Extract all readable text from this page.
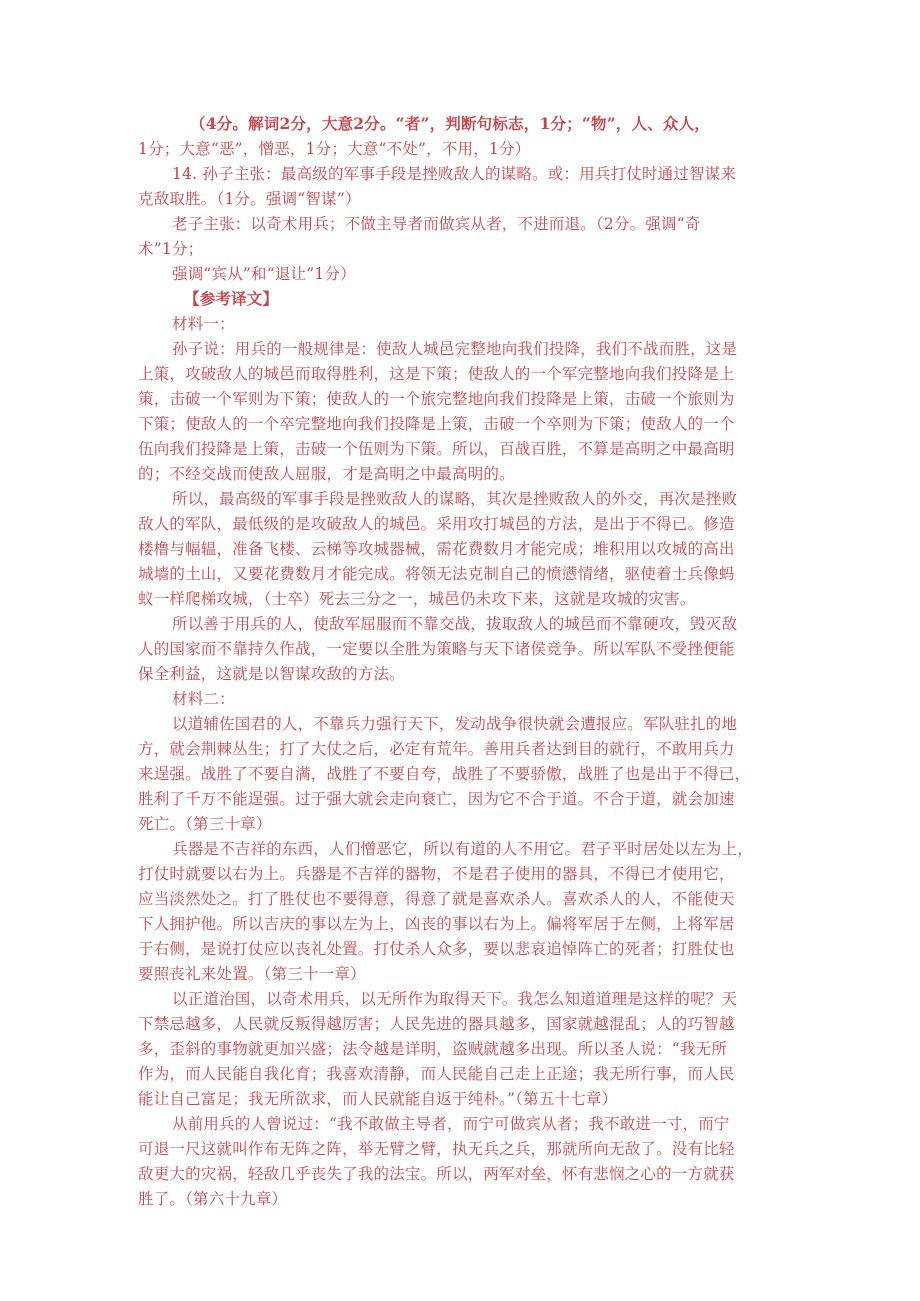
（4分。解词2分，大意2分。“者”，判断句标志，1分；“物”，人、众人，
1分；大意“恶”，憎恶，1分；大意“不处”，不用，1分）
14. 孙子主张：最高级的军事手段是挫败敌人的谋略。或：用兵打仗时通过智谋来
克敌取胜。（1分。强调“智谋”）
老子主张：以奇术用兵；不做主导者而做宾从者，不进而退。（2分。强调“奇
术”1分；
强调“宾从”和“退让”1分）
【参考译文】
材料一：
孙子说：用兵的一般规律是：使敌人城邑完整地向我们投降，我们不战而胜，这是
上策，攻破敌人的城邑而取得胜利，这是下策；使敌人的一个军完整地向我们投降是上
策，击破一个军则为下策；使敌人的一个旅完整地向我们投降是上策，击破一个旅则为
下策；使敌人的一个卒完整地向我们投降是上策，击破一个卒则为下策；使敌人的一个
伍向我们投降是上策，击破一个伍则为下策。所以，百战百胜，不算是高明之中最高明
的；不经交战而使敌人屈服，才是高明之中最高明的。
所以，最高级的军事手段是挫败敌人的谋略，其次是挫败敌人的外交，再次是挫败
敌人的军队，最低级的是攻破敌人的城邑。采用攻打城邑的方法，是出于不得已。修造
楼橹与幅辒，准备飞楼、云梯等攻城器械，需花费数月才能完成；堆积用以攻城的高出
城墙的土山，又要花费数月才能完成。将领无法克制自己的愤懑情绪，驱使着士兵像蚂
蚁一样爬梯攻城，（士卒）死去三分之一，城邑仍未攻下来，这就是攻城的灾害。
所以善于用兵的人，使敌军屈服而不靠交战，拔取敌人的城邑而不靠硬攻，毁灭敌
人的国家而不靠持久作战，一定要以全胜为策略与天下诸侯竞争。所以军队不受挫便能
保全利益，这就是以智谋攻敌的方法。
材料二：
以道辅佐国君的人，不靠兵力强行天下，发动战争很快就会遭报应。军队驻扎的地
方，就会荆棘丛生；打了大仗之后，必定有荒年。善用兵者达到目的就行，不敢用兵力
来逞强。战胜了不要自满，战胜了不要自夸，战胜了不要骄傲，战胜了也是出于不得已，
胜利了千万不能逞强。过于强大就会走向衰亡，因为它不合于道。不合于道，就会加速
死亡。（第三十章）
兵器是不吉祥的东西，人们憎恶它，所以有道的人不用它。君子平时居处以左为上，
打仗时就要以右为上。兵器是不吉祥的器物，不是君子使用的器具，不得已才使用它，
应当淡然处之。打了胜仗也不要得意，得意了就是喜欢杀人。喜欢杀人的人，不能使天
下人拥护他。所以吉庆的事以左为上，凶丧的事以右为上。偏将军居于左侧，上将军居
于右侧，是说打仗应以丧礼处置。打仗杀人众多，要以悲哀追悼阵亡的死者；打胜仗也
要照丧礼来处置。（第三十一章）
以正道治国，以奇术用兵，以无所作为取得天下。我怎么知道道理是这样的呢？天
下禁忌越多，人民就反叛得越厉害；人民先进的器具越多，国家就越混乱；人的巧智越
多，歪斜的事物就更加兴盛；法令越是详明，盗贼就越多出现。所以圣人说：“我无所
作为，而人民能自我化育；我喜欢清静，而人民能自己走上正途；我无所行事，而人民
能让自己富足；我无所欲求，而人民就能自返于纯朴。”（第五十七章）
从前用兵的人曾说过：“我不敢做主导者，而宁可做宾从者；我不敢进一寸，而宁
可退一尺这就叫作布无阵之阵，举无臂之臂，执无兵之兵，那就所向无敌了。没有比轻
敌更大的灾祸，轻敌几乎丧失了我的法宝。所以，两军对垒，怀有悲悯之心的一方就获
胜了。（第六十九章）
